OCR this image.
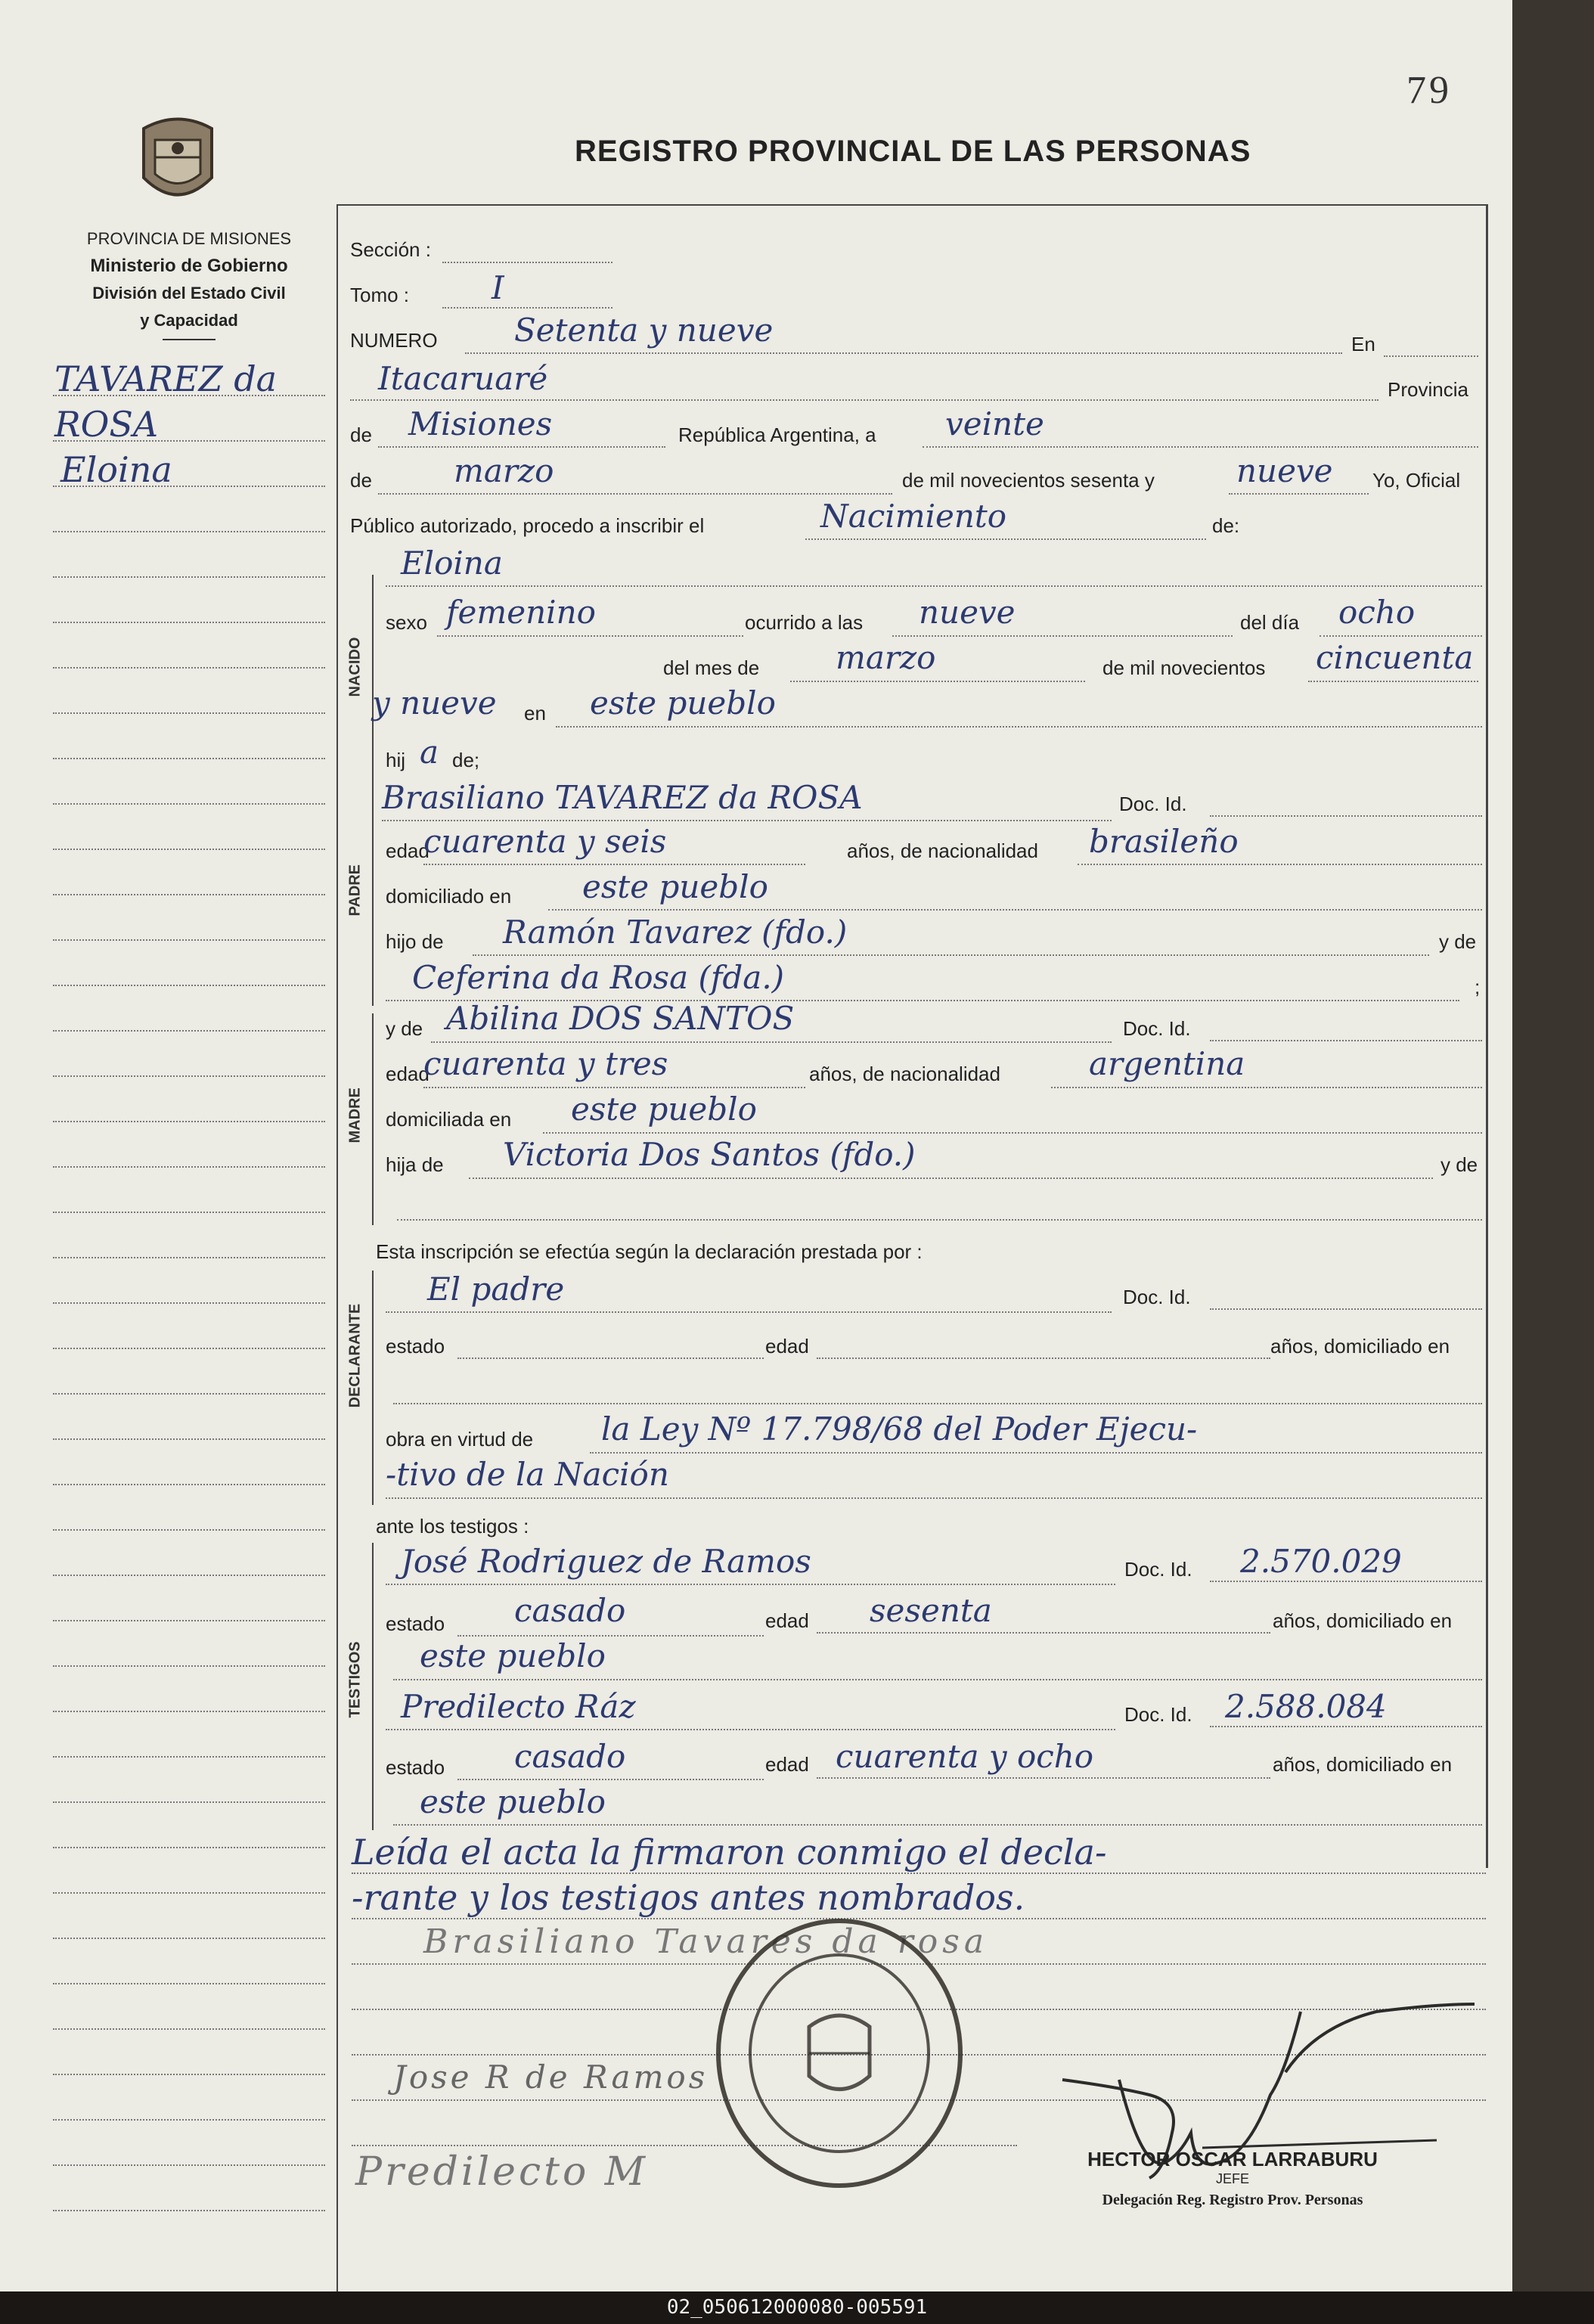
02_050612000080-005591
79
REGISTRO PROVINCIAL DE LAS PERSONAS
PROVINCIA DE MISIONES
Ministerio de Gobierno
División del Estado Civil
y Capacidad
TAVAREZ da
ROSA
Eloina
Sección :
Tomo :	I
NUMERO Setenta y nueve	En
Itacaruaré	Provincia
de Misiones	República Argentina, a veinte
de	marzo	de mil novecientos sesenta y	nueve Yo, Oficial
Público autorizado, procedo a inscribir el	Nacimiento	de:
Eloina
NACIDO
sexo femenino	ocurrido a las nueve	del día ocho
del mes de marzo	de mil novecientos cincuenta
y nueve en este pueblo
hij a de;
PADRE
Brasiliano TAVAREZ da ROSA	Doc. Id.
edad
cuarenta y seis	años, de nacionalidad brasileño
domiciliado en este pueblo
hijo de Ramón Tavarez (fdo.)	y de
Ceferina da Rosa (fda.)	;
MADRE
y de Abilina DOS SANTOS	Doc. Id.
edad
cuarenta y tres	años, de nacionalidad	argentina
domiciliada en este pueblo
hija de Victoria Dos Santos (fdo.)	y de
Esta inscripción se efectúa según la declaración prestada por :
El padre	Doc. Id.
estado	edad	años, domiciliado en
obra en virtud de la Ley Nº 17.798/68 del Poder Ejecu-
-tivo de la Nación
ante los testigos :
TESTIGOS
José Rodriguez de Ramos	Doc. Id. 2.570.029
estado casado	edad sesenta	años, domiciliado en
este pueblo
Predilecto Ráz	Doc. Id. 2.588.084
estado casado	edad cuarenta y ocho	años, domiciliado en
este pueblo
Leída el acta la firmaron conmigo el decla-
-rante y los testigos antes nombrados.
Brasiliano Tavares da rosa
Jose R de Ramos
Predilecto M	HECTOR OSCAR LARRABURU
JEFE
Delegación Reg. Registro Prov. Personas
